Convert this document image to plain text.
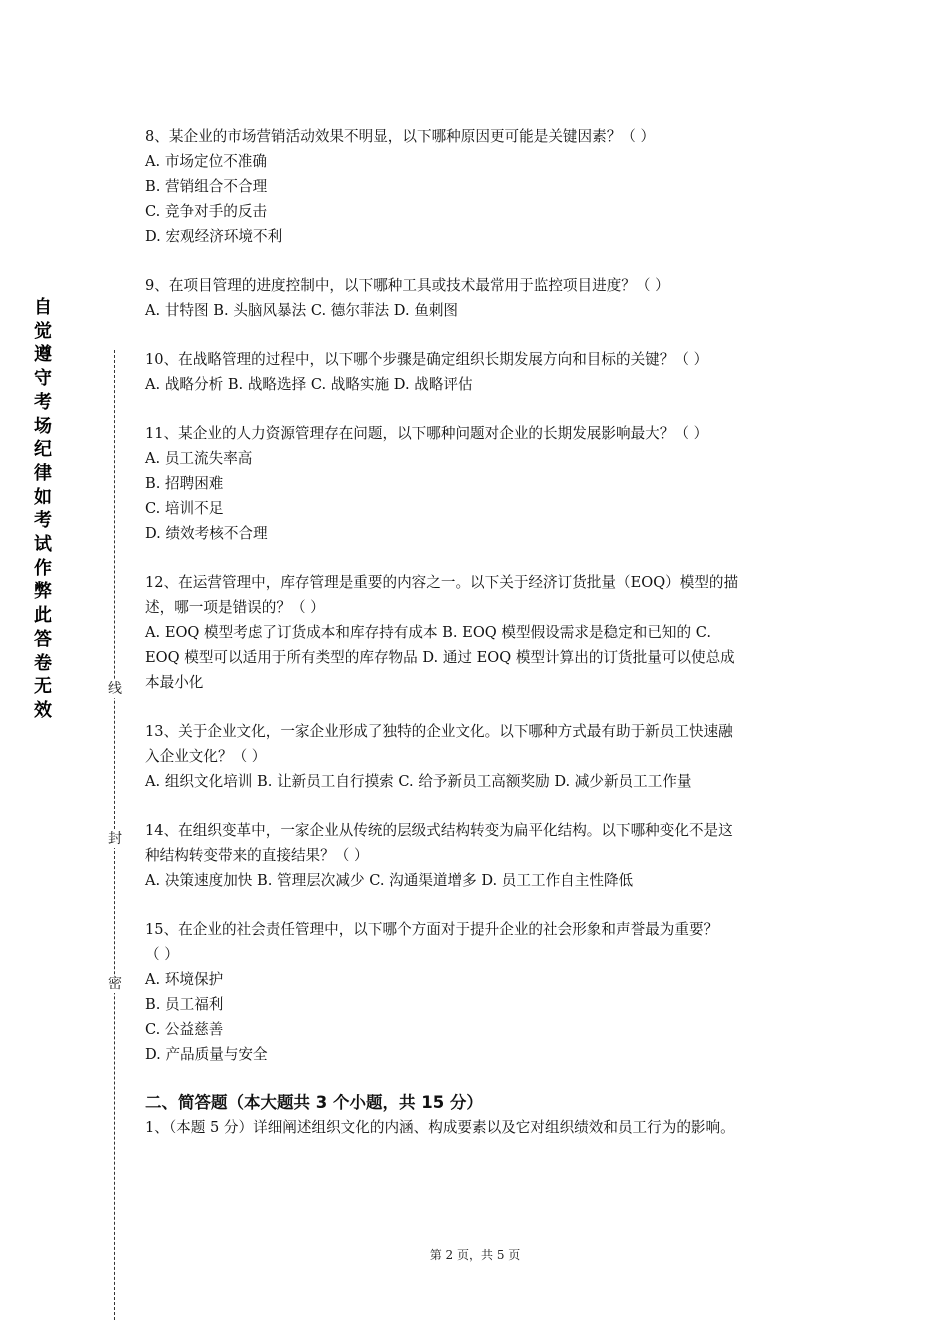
自
觉
遵
守
考
场
纪
律
如
考
试
作
弊
此
答
卷
无
效
线
封
密
8、某企业的市场营销活动效果不明显，以下哪种原因更可能是关键因素？（ ）
A. 市场定位不准确
B. 营销组合不合理
C. 竞争对手的反击
D. 宏观经济环境不利
9、在项目管理的进度控制中，以下哪种工具或技术最常用于监控项目进度？（ ）
A. 甘特图 B. 头脑风暴法 C. 德尔菲法 D. 鱼刺图
10、在战略管理的过程中，以下哪个步骤是确定组织长期发展方向和目标的关键？（ ）
A. 战略分析 B. 战略选择 C. 战略实施 D. 战略评估
11、某企业的人力资源管理存在问题，以下哪种问题对企业的长期发展影响最大？（ ）
A. 员工流失率高
B. 招聘困难
C. 培训不足
D. 绩效考核不合理
12、在运营管理中，库存管理是重要的内容之一。以下关于经济订货批量（EOQ）模型的描
述，哪一项是错误的？（ ）
A. EOQ 模型考虑了订货成本和库存持有成本 B. EOQ 模型假设需求是稳定和已知的 C.
EOQ 模型可以适用于所有类型的库存物品 D. 通过 EOQ 模型计算出的订货批量可以使总成
本最小化
13、关于企业文化，一家企业形成了独特的企业文化。以下哪种方式最有助于新员工快速融
入企业文化？（ ）
A. 组织文化培训 B. 让新员工自行摸索 C. 给予新员工高额奖励 D. 减少新员工工作量
14、在组织变革中，一家企业从传统的层级式结构转变为扁平化结构。以下哪种变化不是这
种结构转变带来的直接结果？（ ）
A. 决策速度加快 B. 管理层次减少 C. 沟通渠道增多 D. 员工工作自主性降低
15、在企业的社会责任管理中，以下哪个方面对于提升企业的社会形象和声誉最为重要？
（ ）
A. 环境保护
B. 员工福利
C. 公益慈善
D. 产品质量与安全
二、简答题（本大题共 3 个小题，共 15 分）
1、（本题 5 分）详细阐述组织文化的内涵、构成要素以及它对组织绩效和员工行为的影响。
第 2 页，共 5 页
